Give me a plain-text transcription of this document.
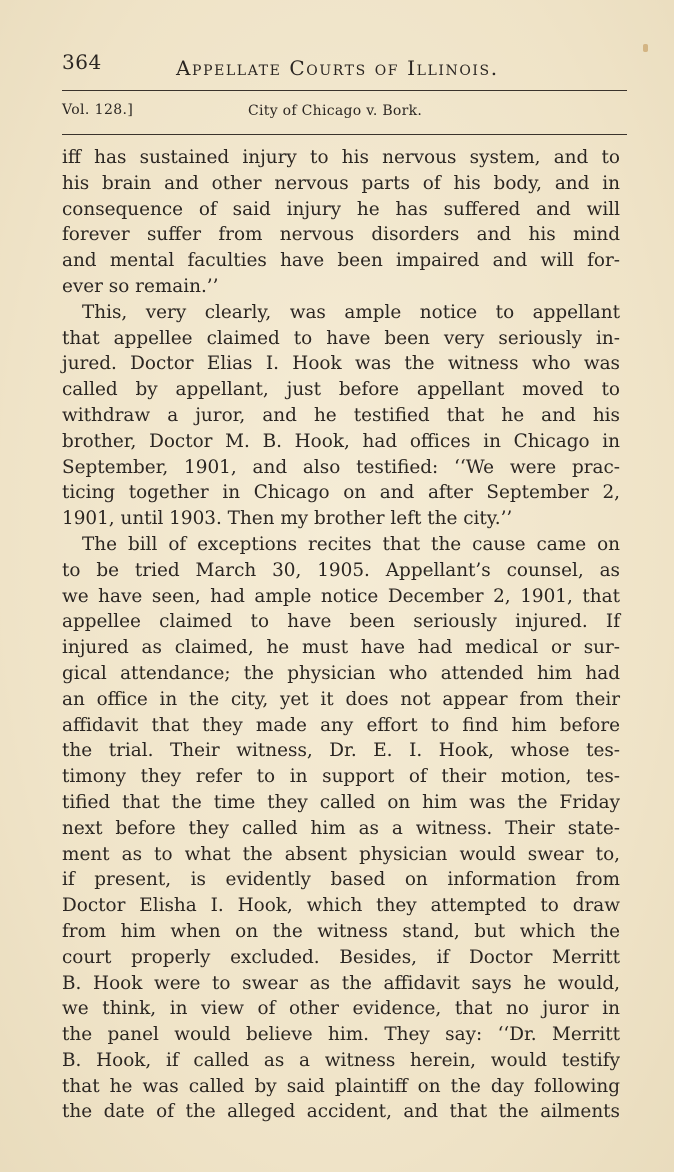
364	Appellate Courts of Illinois.
Vol. 128.]	City of Chicago v. Bork.
iff has sustained injury to his nervous system, and to
his brain and other nervous parts of his body, and in
consequence of said injury he has suffered and will
forever suffer from nervous disorders and his mind
and mental faculties have been impaired and will for-
ever so remain.’’
This, very clearly, was ample notice to appellant
that appellee claimed to have been very seriously in-
jured. Doctor Elias I. Hook was the witness who was
called by appellant, just before appellant moved to
withdraw a juror, and he testified that he and his
brother, Doctor M. B. Hook, had offices in Chicago in
September, 1901, and also testified: ‘‘We were prac-
ticing together in Chicago on and after September 2,
1901, until 1903. Then my brother left the city.’’
The bill of exceptions recites that the cause came on
to be tried March 30, 1905. Appellant’s counsel, as
we have seen, had ample notice December 2, 1901, that
appellee claimed to have been seriously injured. If
injured as claimed, he must have had medical or sur-
gical attendance; the physician who attended him had
an office in the city, yet it does not appear from their
affidavit that they made any effort to find him before
the trial. Their witness, Dr. E. I. Hook, whose tes-
timony they refer to in support of their motion, tes-
tified that the time they called on him was the Friday
next before they called him as a witness. Their state-
ment as to what the absent physician would swear to,
if present, is evidently based on information from
Doctor Elisha I. Hook, which they attempted to draw
from him when on the witness stand, but which the
court properly excluded. Besides, if Doctor Merritt
B. Hook were to swear as the affidavit says he would,
we think, in view of other evidence, that no juror in
the panel would believe him. They say: ‘‘Dr. Merritt
B. Hook, if called as a witness herein, would testify
that he was called by said plaintiff on the day following
the date of the alleged accident, and that the ailments
